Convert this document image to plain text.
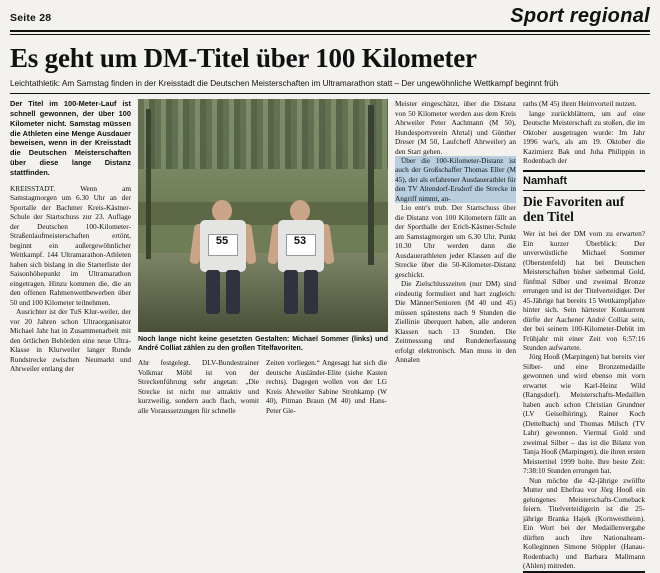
Seite 28	Sport regional
Es geht um DM-Titel über 100 Kilometer
Leichtathletik: Am Samstag finden in der Kreisstadt die Deutschen Meisterschaften im Ultramarathon statt – Der ungewöhnliche Wettkampf beginnt früh
Der Titel im 100-Meter-Lauf ist schnell gewonnen, der über 100 Kilometer nicht. Samstag müssen die Athleten eine Menge Ausdauer beweisen, wenn in der Kreisstadt die Deutschen Meisterschaften über diese lange Distanz stattfinden.

KREISSTADT. Wenn am Samstagmorgen um 6.30 Uhr an der Sportalle der Bachmer Kreis-Kästner-Schule der Startschuss zur 23. Auflage der Deutschen 100-Kilometer-Straßenlaufmeisterschaften ertönt, beginnt ein außergewöhnlicher Wettkampf. 144 Ultramarathon-Athleten haben sich bislang in die Starterliste der Saisonhöhepunkt im Ultramarathon eingetragen. Hinzu kommen die, die an den offenen Rahmenwettbewerben über 50 und 100 Kilometer teilnehmen.

Ausrichter ist der TuS Klur-weiler, der vor 20 Jahren schon Ultraorganisator Michael Jahr hat in Zusammenarbeit mit den örtlichen Behörden eine neue Ultra-Klasse in Klurweiler langer Runde Rundstrecke zwischen Neumarkt und Ahrweiler entlang der

55	53
Noch lange nicht keine gesetzten Gestalten: Michael Sommer (links) und André Colliat zählen zu den großen Titelfavoriten.

Ahr festgelegt. DLV-Bundestrainer Volkmar Möbl ist von der Streckenführung sehr angetan: „Die Strecke ist nicht nur attraktiv und kurzweilig, sondern auch flach, womit alle Voraussetzungen für schnelle

Zeiten vorliegen.“ Angesagt hat sich die deutsche Ausländer-Elite (siehe Kasten rechts). Dagegen wollen von der LG Kreis Ahrweiler Sabine Strohkamp (W 40), Pitman Braun (M 40) und Hans-Peter Gie-

Meister eingeschätzt, über die Distanz von 50 Kilometer werden aus dem Kreis Ahrweiler Peter Aachmann (M 50), Hundesportverein Ahrtal) und Günther Dreser (M 50, Laufcheff Ahrweiler) an den Start gehen.

Über die 100-Kilometer-Distanz ist auch der Großschaffer Thomas Eller (M 45), der als erfahrener Ausdauerathlet für den TV Altendorf-Ersdorf die Strecke in Angriff nimmt, an-

Lio entr's trub. Der Startschuss über die Distanz von 100 Kilometern fällt an der Sporthalle der Erich-Kästner-Schule am Samstagmorgen um 6.30 Uhr. Punkt 10.30 Uhr werden dann die Ausdauerathleten jeder Klassen auf die Strecke über die 50-Kilometer-Distanz geschickt.

Die Zielschlusszeiten (nur DM) sind eindeutig formuliert und hart zugleich: Die Männer/Senioren (M 40 und 45) müssen spätestens nach 9 Stunden die Ziellinie überquert haben, alle anderen Klassen nach 13 Stunden. Die Zeitmessung und Rundenerfassung erfolgt elektronisch. Man muss in den Annalen

raths (M 45) ihren Heimvorteil nutzen.

lange zurückblättern, um auf eine Deutsche Meisterschaft zu stoßen, die im Oktober ausgetragen wurde: Im Jahr 1996 war's, als am 19. Oktober die Kazimierz Bak und Juha Philippin in Rodenbach der

Namhaft
Die Favoriten auf den Titel

Wer ist bei der DM vorn zu erwarten? Ein kurzer Überblick: Der unverwüstliche Michael Sommer (Oberstenfeld) hat bei Deutschen Meisterschaften bisher siebenmal Gold, fünfmal Silber und zweimal Bronze errungen und ist der Titelverteidiger. Der 45-Jährige hat bereits 15 Wettkampfjahre hinter sich. Sein härtester Konkurrent dürfte der Aachener André Colliat sein, der bei seinem 100-Kilometer-Debüt im Frühjahr mit einer Zeit von 6:57:16 Stunden aufwartete.

Jörg Hooß (Marpingen) hat bereits vier Silber- und eine Bronzemedaille gewonnen und wird ebenso mit vorn erwartet wie Karl-Heinz Wild (Rangsdorf). Meisterschafts-Medaillen haben auch schon Christian Grundner (LV Geiselhöring), Rainer Koch (Dettelbach) und Thomas Milsch (TV Lahr) gewonnen. Viermal Gold und zweimal Silber – das ist die Bilanz von Tanja Hooß (Marpingen), die ihren ersten Meistertitel 1999 holte. Ihre beste Zeit: 7:38:10 Stunden errungen hat.

Nun möchte die 42-jährige zwölfte Mutter und Ehefrau vor Jörg Hooß ein gelungenes Meisterschafts-Comeback feiern. Titelverteidigerin ist die 25-jährige Branka Hajek (Kornwestheim). Ein Wort bei der Medaillenvergabe dürften auch ihre Nationalteam-Kolleginnen Simone Stöppler (Hanau-Rodenbach) und Barbara Mallmann (Ahlen) mitreden.
